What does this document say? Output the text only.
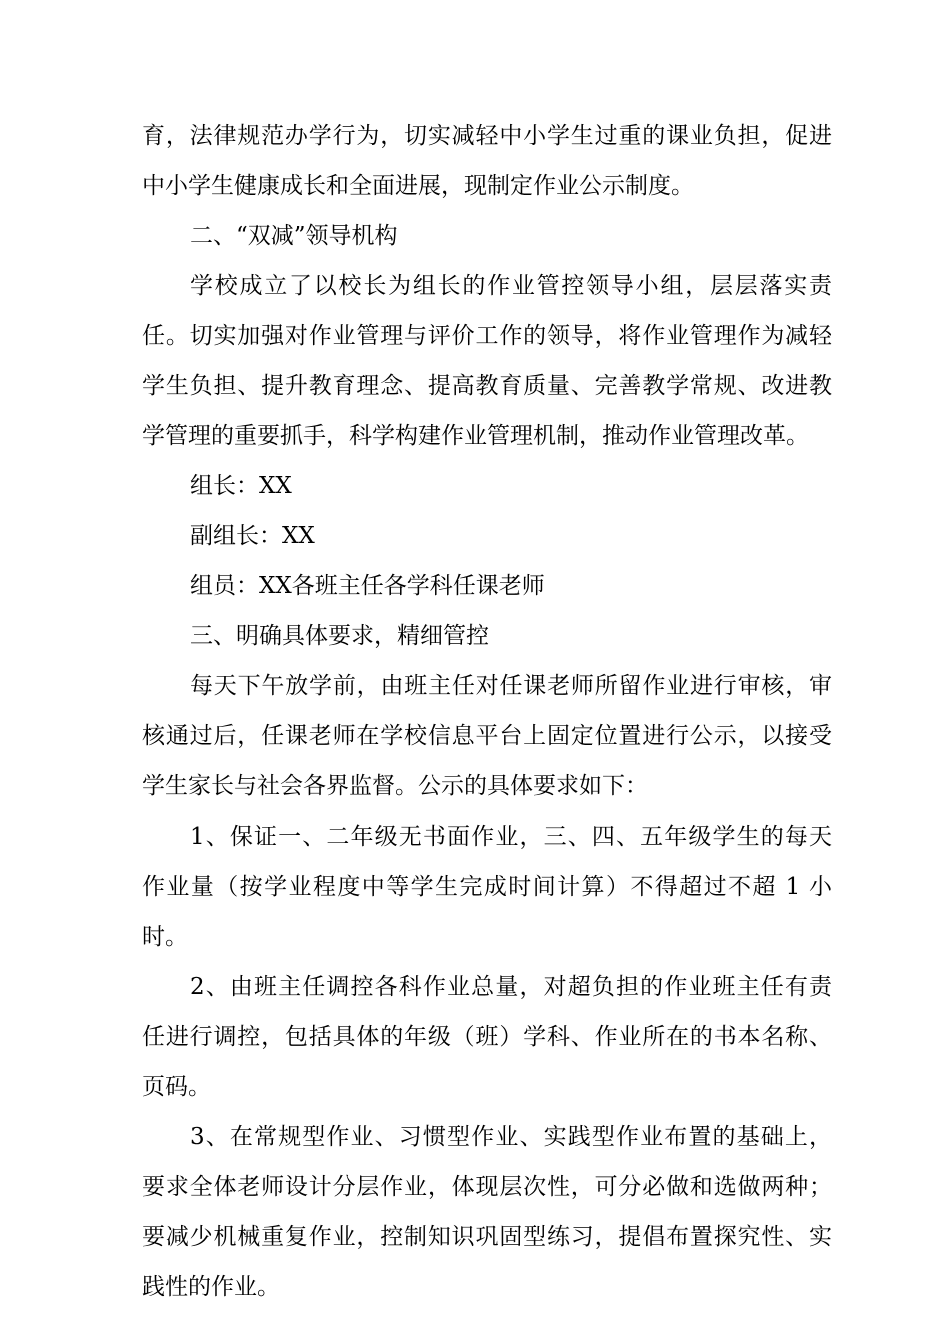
育，法律规范办学行为，切实减轻中小学生过重的课业负担，促进
中小学生健康成长和全面进展，现制定作业公示制度。
二、“双减”领导机构
学校成立了以校长为组长的作业管控领导小组，层层落实责
任。切实加强对作业管理与评价工作的领导，将作业管理作为减轻
学生负担、提升教育理念、提高教育质量、完善教学常规、改进教
学管理的重要抓手，科学构建作业管理机制，推动作业管理改革。
组长：XX
副组长：XX
组员：XX各班主任各学科任课老师
三、明确具体要求，精细管控
每天下午放学前，由班主任对任课老师所留作业进行审核，审
核通过后，任课老师在学校信息平台上固定位置进行公示，以接受
学生家长与社会各界监督。公示的具体要求如下：
1、保证一、二年级无书面作业，三、四、五年级学生的每天
作业量（按学业程度中等学生完成时间计算）不得超过不超 1 小
时。
2、由班主任调控各科作业总量，对超负担的作业班主任有责
任进行调控，包括具体的年级（班）学科、作业所在的书本名称、
页码。
3、在常规型作业、习惯型作业、实践型作业布置的基础上，
要求全体老师设计分层作业，体现层次性，可分必做和选做两种；
要减少机械重复作业，控制知识巩固型练习，提倡布置探究性、实
践性的作业。
